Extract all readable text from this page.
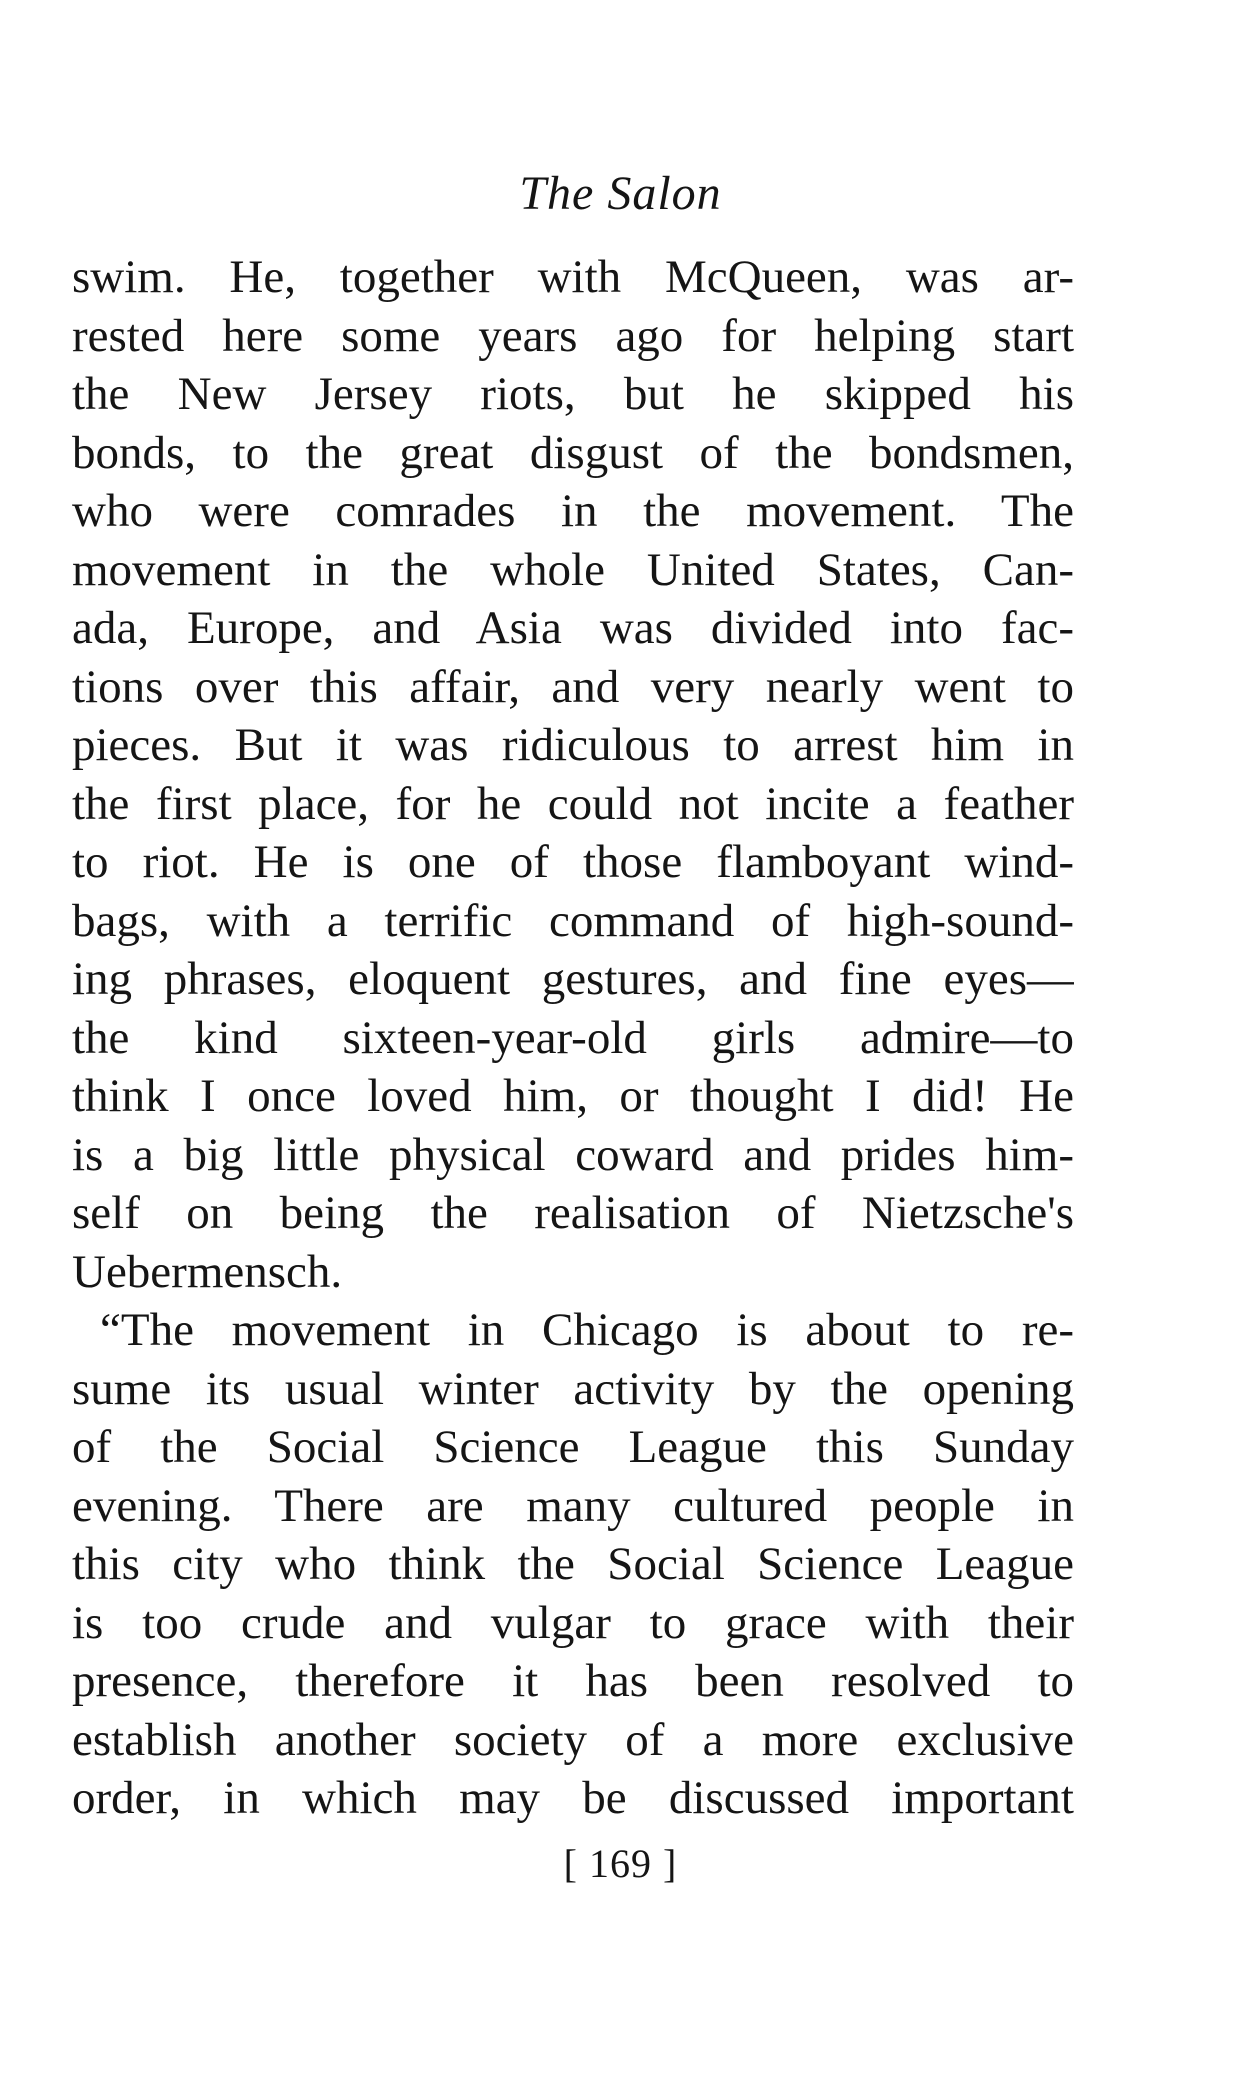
The Salon
swim. He, together with McQueen, was ar-
rested here some years ago for helping start
the New Jersey riots, but he skipped his
bonds, to the great disgust of the bondsmen,
who were comrades in the movement. The
movement in the whole United States, Can-
ada, Europe, and Asia was divided into fac-
tions over this affair, and very nearly went to
pieces. But it was ridiculous to arrest him in
the first place, for he could not incite a feather
to riot. He is one of those flamboyant wind-
bags, with a terrific command of high-sound-
ing phrases, eloquent gestures, and fine eyes—
the kind sixteen-year-old girls admire—to
think I once loved him, or thought I did! He
is a big little physical coward and prides him-
self on being the realisation of Nietzsche's
Uebermensch.
“The movement in Chicago is about to re-
sume its usual winter activity by the opening
of the Social Science League this Sunday
evening. There are many cultured people in
this city who think the Social Science League
is too crude and vulgar to grace with their
presence, therefore it has been resolved to
establish another society of a more exclusive
order, in which may be discussed important
[ 169 ]
